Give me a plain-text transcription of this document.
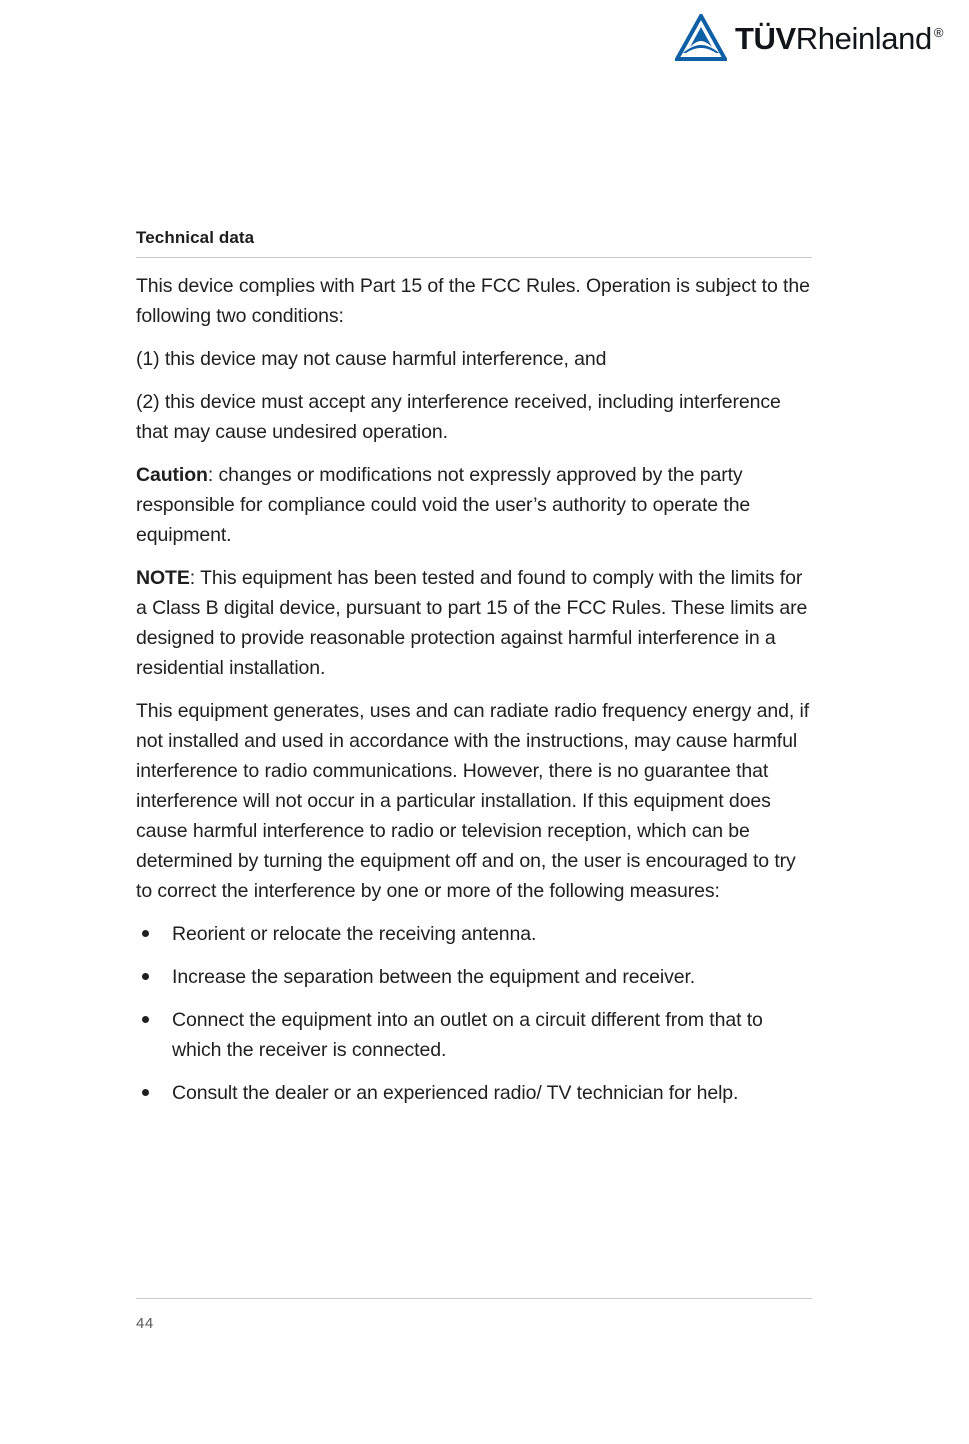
TÜVRheinland ®
Technical data

This device complies with Part 15 of the FCC Rules. Operation is subject to the following two conditions:

(1) this device may not cause harmful interference, and

(2) this device must accept any interference received, including interference that may cause undesired operation.

Caution: changes or modifications not expressly approved by the party responsible for compliance could void the user’s authority to operate the equipment.

NOTE: This equipment has been tested and found to comply with the limits for a Class B digital device, pursuant to part 15 of the FCC Rules. These limits are designed to provide reasonable protection against harmful interference in a residential installation.

This equipment generates, uses and can radiate radio frequency energy and, if not installed and used in accordance with the instructions, may cause harmful interference to radio communications. However, there is no guarantee that interference will not occur in a particular installation. If this equipment does cause harmful interference to radio or television reception, which can be determined by turning the equipment off and on, the user is encouraged to try to correct the interference by one or more of the following measures:

Reorient or relocate the receiving antenna.
Increase the separation between the equipment and receiver.
Connect the equipment into an outlet on a circuit different from that to which the receiver is connected.
Consult the dealer or an experienced radio/ TV technician for help.
44
